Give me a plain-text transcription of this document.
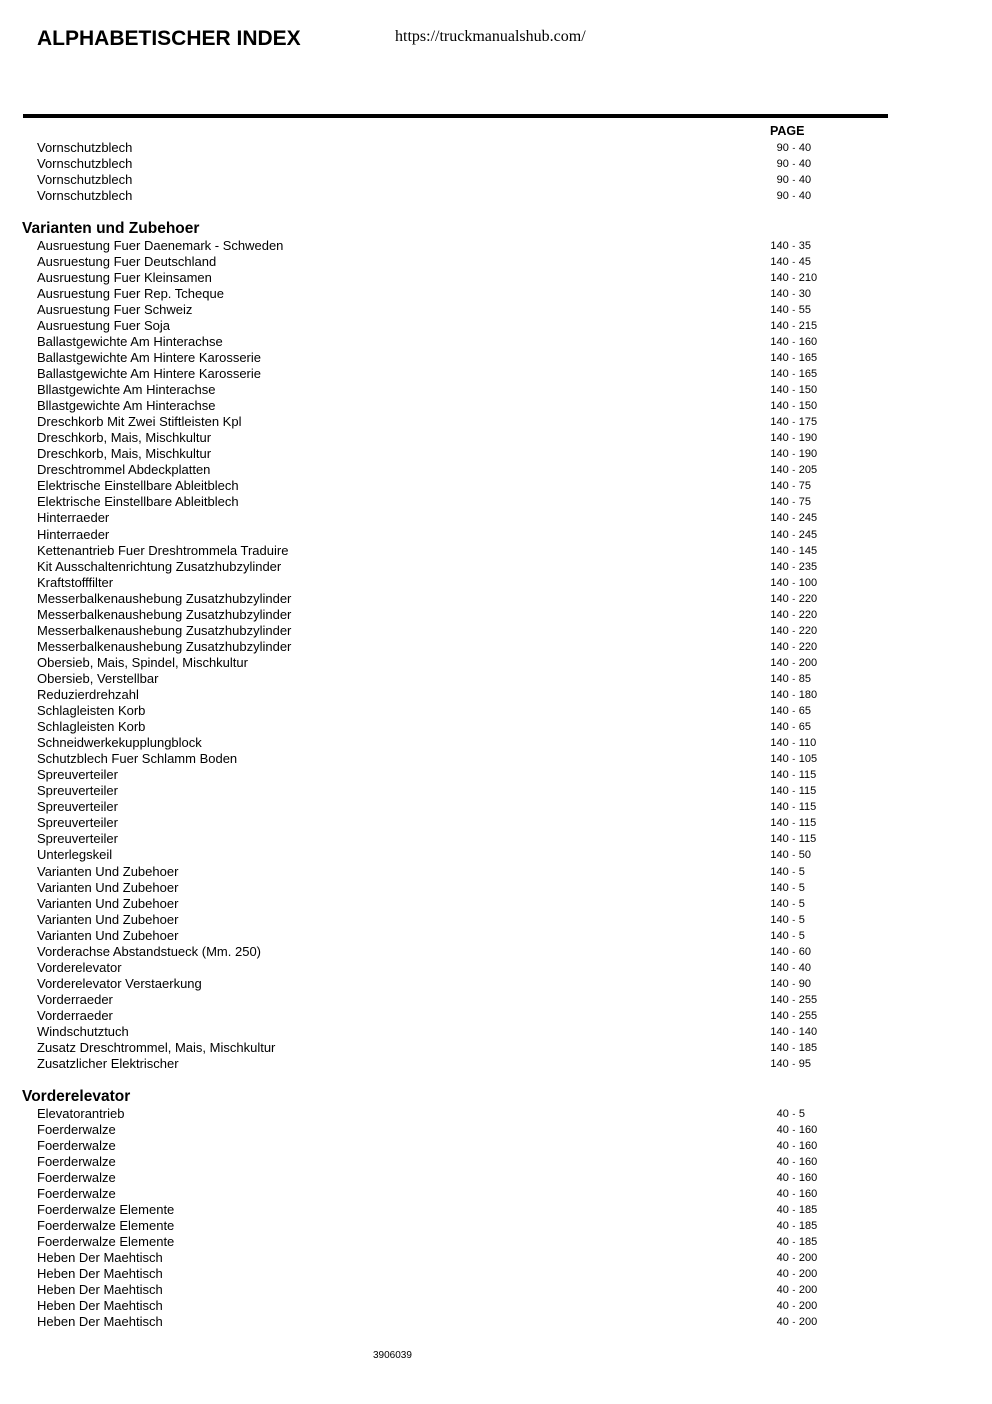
ALPHABETISCHER INDEX	https://truckmanualshub.com/
PAGE
Vornschutzblech	90 - 40
Vornschutzblech	90 - 40
Vornschutzblech	90 - 40
Vornschutzblech	90 - 40
Varianten und Zubehoer
Ausruestung Fuer Daenemark - Schweden	140 - 35
Ausruestung Fuer Deutschland	140 - 45
Ausruestung Fuer Kleinsamen	140 - 210
Ausruestung Fuer Rep. Tcheque	140 - 30
Ausruestung Fuer Schweiz	140 - 55
Ausruestung Fuer Soja	140 - 215
Ballastgewichte Am Hinterachse	140 - 160
Ballastgewichte Am Hintere Karosserie	140 - 165
Ballastgewichte Am Hintere Karosserie	140 - 165
Bllastgewichte Am Hinterachse	140 - 150
Bllastgewichte Am Hinterachse	140 - 150
Dreschkorb Mit Zwei Stiftleisten Kpl	140 - 175
Dreschkorb, Mais, Mischkultur	140 - 190
Dreschkorb, Mais, Mischkultur	140 - 190
Dreschtrommel Abdeckplatten	140 - 205
Elektrische Einstellbare Ableitblech	140 - 75
Elektrische Einstellbare Ableitblech	140 - 75
Hinterraeder	140 - 245
Hinterraeder	140 - 245
Kettenantrieb Fuer Dreshtrommela Traduire	140 - 145
Kit Ausschaltenrichtung Zusatzhubzylinder	140 - 235
Kraftstofffilter	140 - 100
Messerbalkenaushebung Zusatzhubzylinder	140 - 220
Messerbalkenaushebung Zusatzhubzylinder	140 - 220
Messerbalkenaushebung Zusatzhubzylinder	140 - 220
Messerbalkenaushebung Zusatzhubzylinder	140 - 220
Obersieb, Mais, Spindel, Mischkultur	140 - 200
Obersieb, Verstellbar	140 - 85
Reduzierdrehzahl	140 - 180
Schlagleisten Korb	140 - 65
Schlagleisten Korb	140 - 65
Schneidwerkekupplungblock	140 - 110
Schutzblech Fuer Schlamm Boden	140 - 105
Spreuverteiler	140 - 115
Spreuverteiler	140 - 115
Spreuverteiler	140 - 115
Spreuverteiler	140 - 115
Spreuverteiler	140 - 115
Unterlegskeil	140 - 50
Varianten Und Zubehoer	140 - 5
Varianten Und Zubehoer	140 - 5
Varianten Und Zubehoer	140 - 5
Varianten Und Zubehoer	140 - 5
Varianten Und Zubehoer	140 - 5
Vorderachse Abstandstueck (Mm. 250)	140 - 60
Vorderelevator	140 - 40
Vorderelevator Verstaerkung	140 - 90
Vorderraeder	140 - 255
Vorderraeder	140 - 255
Windschutztuch	140 - 140
Zusatz Dreschtrommel, Mais, Mischkultur	140 - 185
Zusatzlicher Elektrischer	140 - 95
Vorderelevator
Elevatorantrieb	40 - 5
Foerderwalze	40 - 160
Foerderwalze	40 - 160
Foerderwalze	40 - 160
Foerderwalze	40 - 160
Foerderwalze	40 - 160
Foerderwalze Elemente	40 - 185
Foerderwalze Elemente	40 - 185
Foerderwalze Elemente	40 - 185
Heben Der Maehtisch	40 - 200
Heben Der Maehtisch	40 - 200
Heben Der Maehtisch	40 - 200
Heben Der Maehtisch	40 - 200
Heben Der Maehtisch	40 - 200
3906039
